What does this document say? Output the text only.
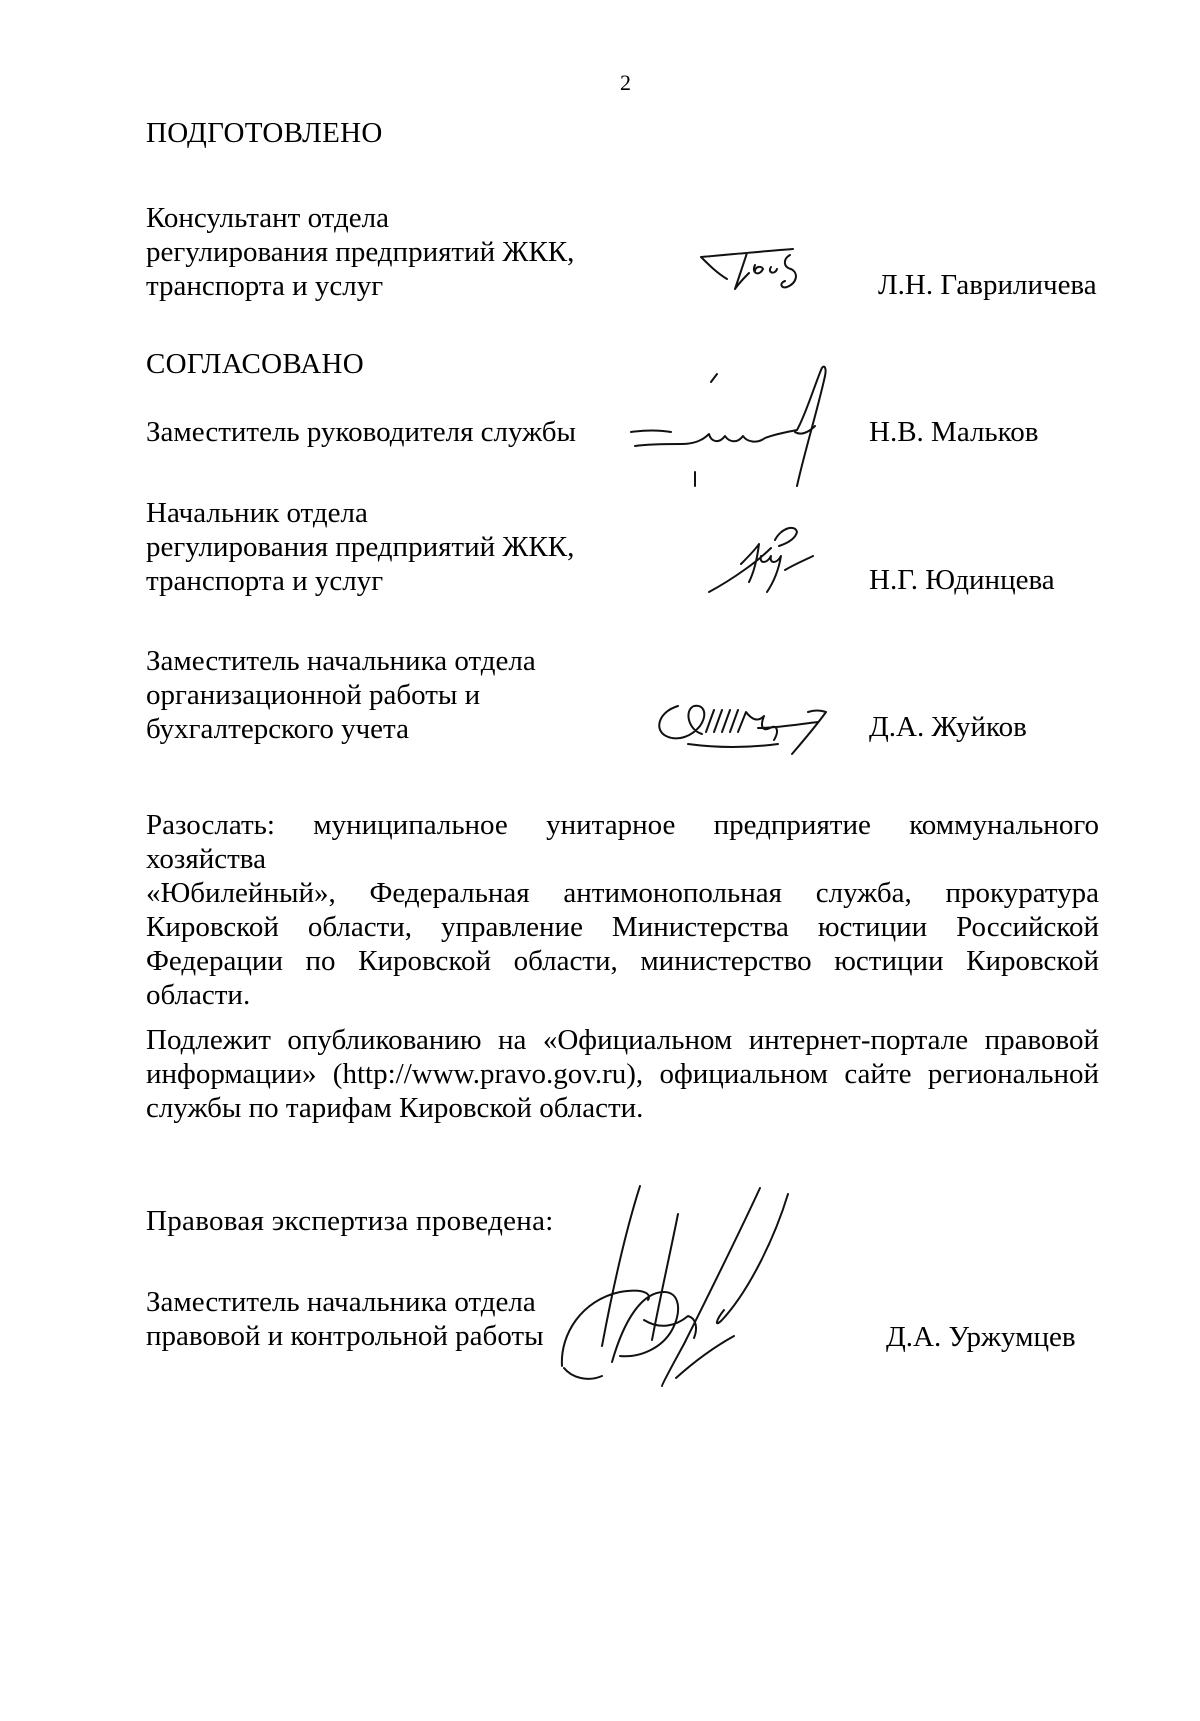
2
ПОДГОТОВЛЕНО
Консультант отдела
регулирования предприятий ЖКК,
транспорта и услуг	Л.Н. Гавриличева
СОГЛАСОВАНО
Заместитель руководителя службы	Н.В. Мальков
Начальник отдела
регулирования предприятий ЖКК,
транспорта и услуг	Н.Г. Юдинцева
Заместитель начальника отдела
организационной работы и
бухгалтерского учета	Д.А. Жуйков
Разослать: муниципальное унитарное предприятие коммунального хозяйства
«Юбилейный», Федеральная антимонопольная служба, прокуратура
Кировской области, управление Министерства юстиции Российской
Федерации по Кировской области, министерство юстиции Кировской
области.
Подлежит опубликованию на «Официальном интернет-портале правовой
информации» (http://www.pravo.gov.ru), официальном сайте региональной
службы по тарифам Кировской области.
Правовая экспертиза проведена:
Заместитель начальника отдела
правовой и контрольной работы	Д.А. Уржумцев
